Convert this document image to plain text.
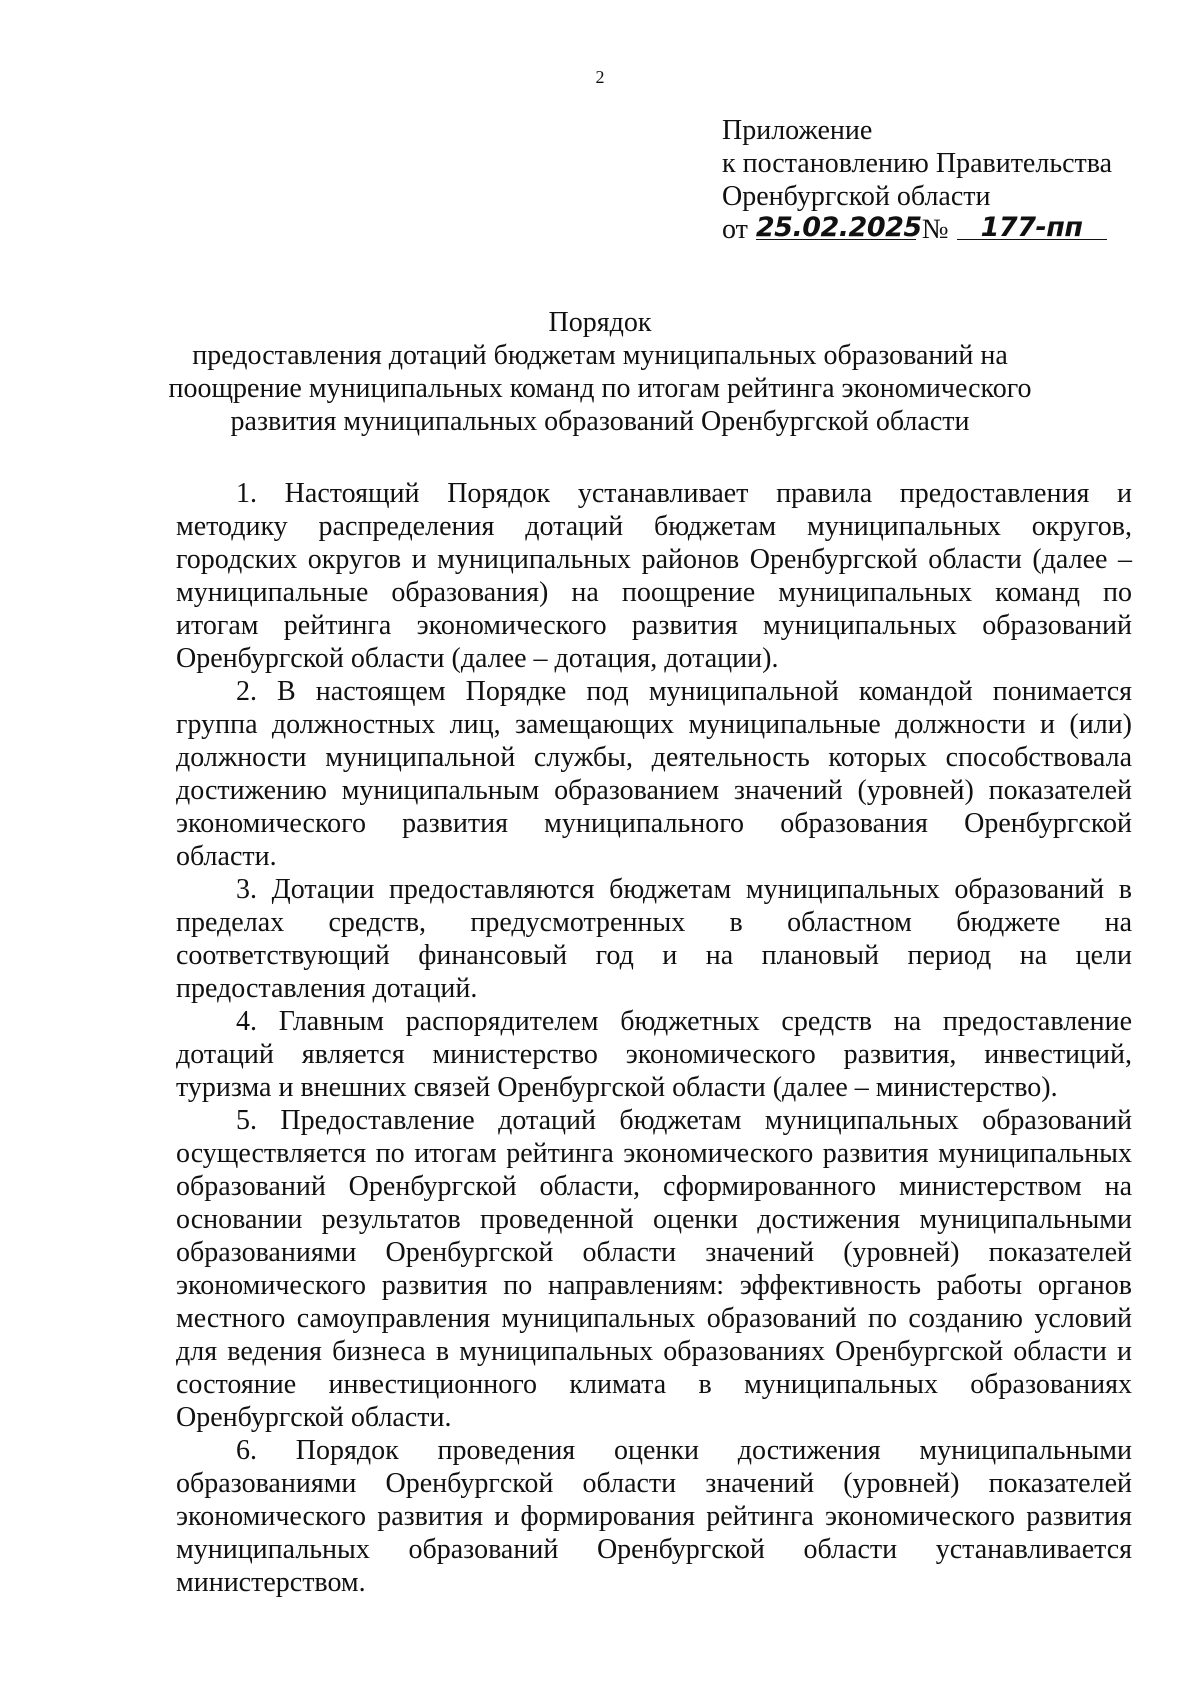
2
Приложение
к постановлению Правительства
Оренбургской области
от 25.02.2025№ 177-пп
Порядок
предоставления дотаций бюджетам муниципальных образований на
поощрение муниципальных команд по итогам рейтинга экономического
развития муниципальных образований Оренбургской области
1. Настоящий Порядок устанавливает правила предоставления и
методику распределения дотаций бюджетам муниципальных округов,
городских округов и муниципальных районов Оренбургской области (далее –
муниципальные образования) на поощрение муниципальных команд по
итогам рейтинга экономического развития муниципальных образований
Оренбургской области (далее – дотация, дотации).
2. В настоящем Порядке под муниципальной командой понимается
группа должностных лиц, замещающих муниципальные должности и (или)
должности муниципальной службы, деятельность которых способствовала
достижению муниципальным образованием значений (уровней) показателей
экономического развития муниципального образования Оренбургской
области.
3. Дотации предоставляются бюджетам муниципальных образований в
пределах средств, предусмотренных в областном бюджете на
соответствующий финансовый год и на плановый период на цели
предоставления дотаций.
4. Главным распорядителем бюджетных средств на предоставление
дотаций является министерство экономического развития, инвестиций,
туризма и внешних связей Оренбургской области (далее – министерство).
5. Предоставление дотаций бюджетам муниципальных образований
осуществляется по итогам рейтинга экономического развития муниципальных
образований Оренбургской области, сформированного министерством на
основании результатов проведенной оценки достижения муниципальными
образованиями Оренбургской области значений (уровней) показателей
экономического развития по направлениям: эффективность работы органов
местного самоуправления муниципальных образований по созданию условий
для ведения бизнеса в муниципальных образованиях Оренбургской области и
состояние инвестиционного климата в муниципальных образованиях
Оренбургской области.
6. Порядок проведения оценки достижения муниципальными
образованиями Оренбургской области значений (уровней) показателей
экономического развития и формирования рейтинга экономического развития
муниципальных образований Оренбургской области устанавливается
министерством.
